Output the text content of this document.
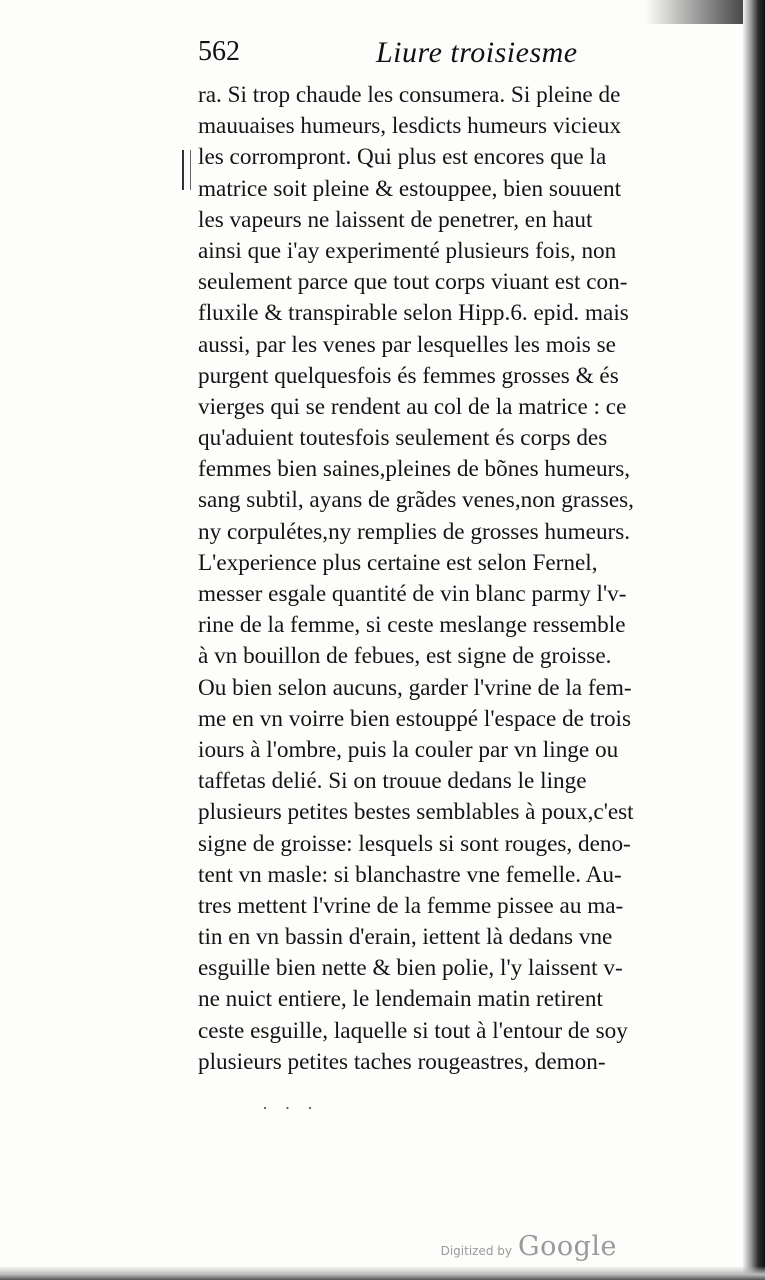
562	Liure troisiesme
ra. Si trop chaude les consumera. Si pleine de
mauuaises humeurs, lesdicts humeurs vicieux
les corrompront. Qui plus est encores que la
matrice soit pleine & estouppee, bien souuent
les vapeurs ne laissent de penetrer, en haut
ainsi que i'ay experimenté plusieurs fois, non
seulement parce que tout corps viuant est con-
fluxile & transpirable selon Hipp.6. epid. mais
aussi, par les venes par lesquelles les mois se
purgent quelquesfois és femmes grosses & és
vierges qui se rendent au col de la matrice : ce
qu'aduient toutesfois seulement és corps des
femmes bien saines,pleines de bõnes humeurs,
sang subtil, ayans de grãdes venes,non grasses,
ny corpulétes,ny remplies de grosses humeurs.
L'experience plus certaine est selon Fernel,
messer esgale quantité de vin blanc parmy l'v-
rine de la femme, si ceste meslange ressemble
à vn bouillon de febues, est signe de groisse.
Ou bien selon aucuns, garder l'vrine de la fem-
me en vn voirre bien estouppé l'espace de trois
iours à l'ombre, puis la couler par vn linge ou
taffetas delié. Si on trouue dedans le linge
plusieurs petites bestes semblables à poux,c'est
signe de groisse: lesquels si sont rouges, deno-
tent vn masle: si blanchastre vne femelle. Au-
tres mettent l'vrine de la femme pissee au ma-
tin en vn bassin d'erain, iettent là dedans vne
esguille bien nette & bien polie, l'y laissent v-
ne nuict entiere, le lendemain matin retirent
ceste esguille, laquelle si tout à l'entour de soy
plusieurs petites taches rougeastres, demon-
· · ·
Digitized by Google
